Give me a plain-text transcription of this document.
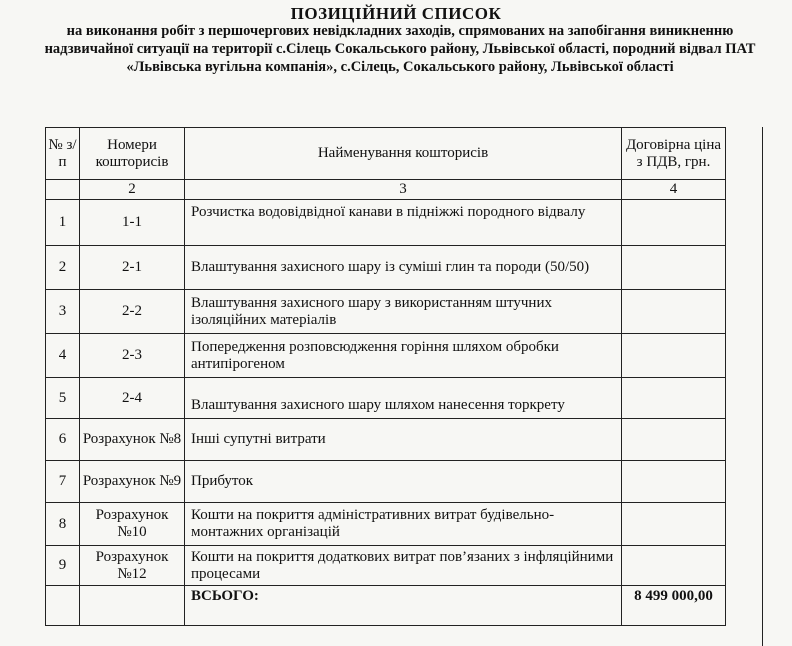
ПОЗИЦІЙНИЙ СПИСОК
на виконання робіт з першочергових невідкладних заходів, спрямованих на запобігання виникненню надзвичайної ситуації на території с.Сілець Сокальського району, Львівської області, породний відвал ПАТ «Львівська вугільна компанія», с.Сілець, Сокальського району, Львівської області
№ з/п	Номери кошторисів	Найменування кошторисів	Договірна ціна з ПДВ, грн.
	2	3	4
1	1-1	Розчистка водовідвідної канави в підніжжі породного відвалу	
2	2-1	Влаштування захисного шару із суміші глин та породи (50/50)	
3	2-2	Влаштування захисного шару з використанням штучних ізоляційних матеріалів	
4	2-3	Попередження розповсюдження горіння шляхом обробки антипірогеном	
5	2-4	Влаштування захисного шару шляхом нанесення торкрету	
6	Розрахунок №8	Інші супутні витрати	
7	Розрахунок №9	Прибуток	
8	Розрахунок №10	Кошти на покриття адміністративних витрат будівельно-монтажних організацій	
9	Розрахунок №12	Кошти на покриття додаткових витрат пов’язаних з інфляційними процесами	
		ВСЬОГО:	8 499 000,00
